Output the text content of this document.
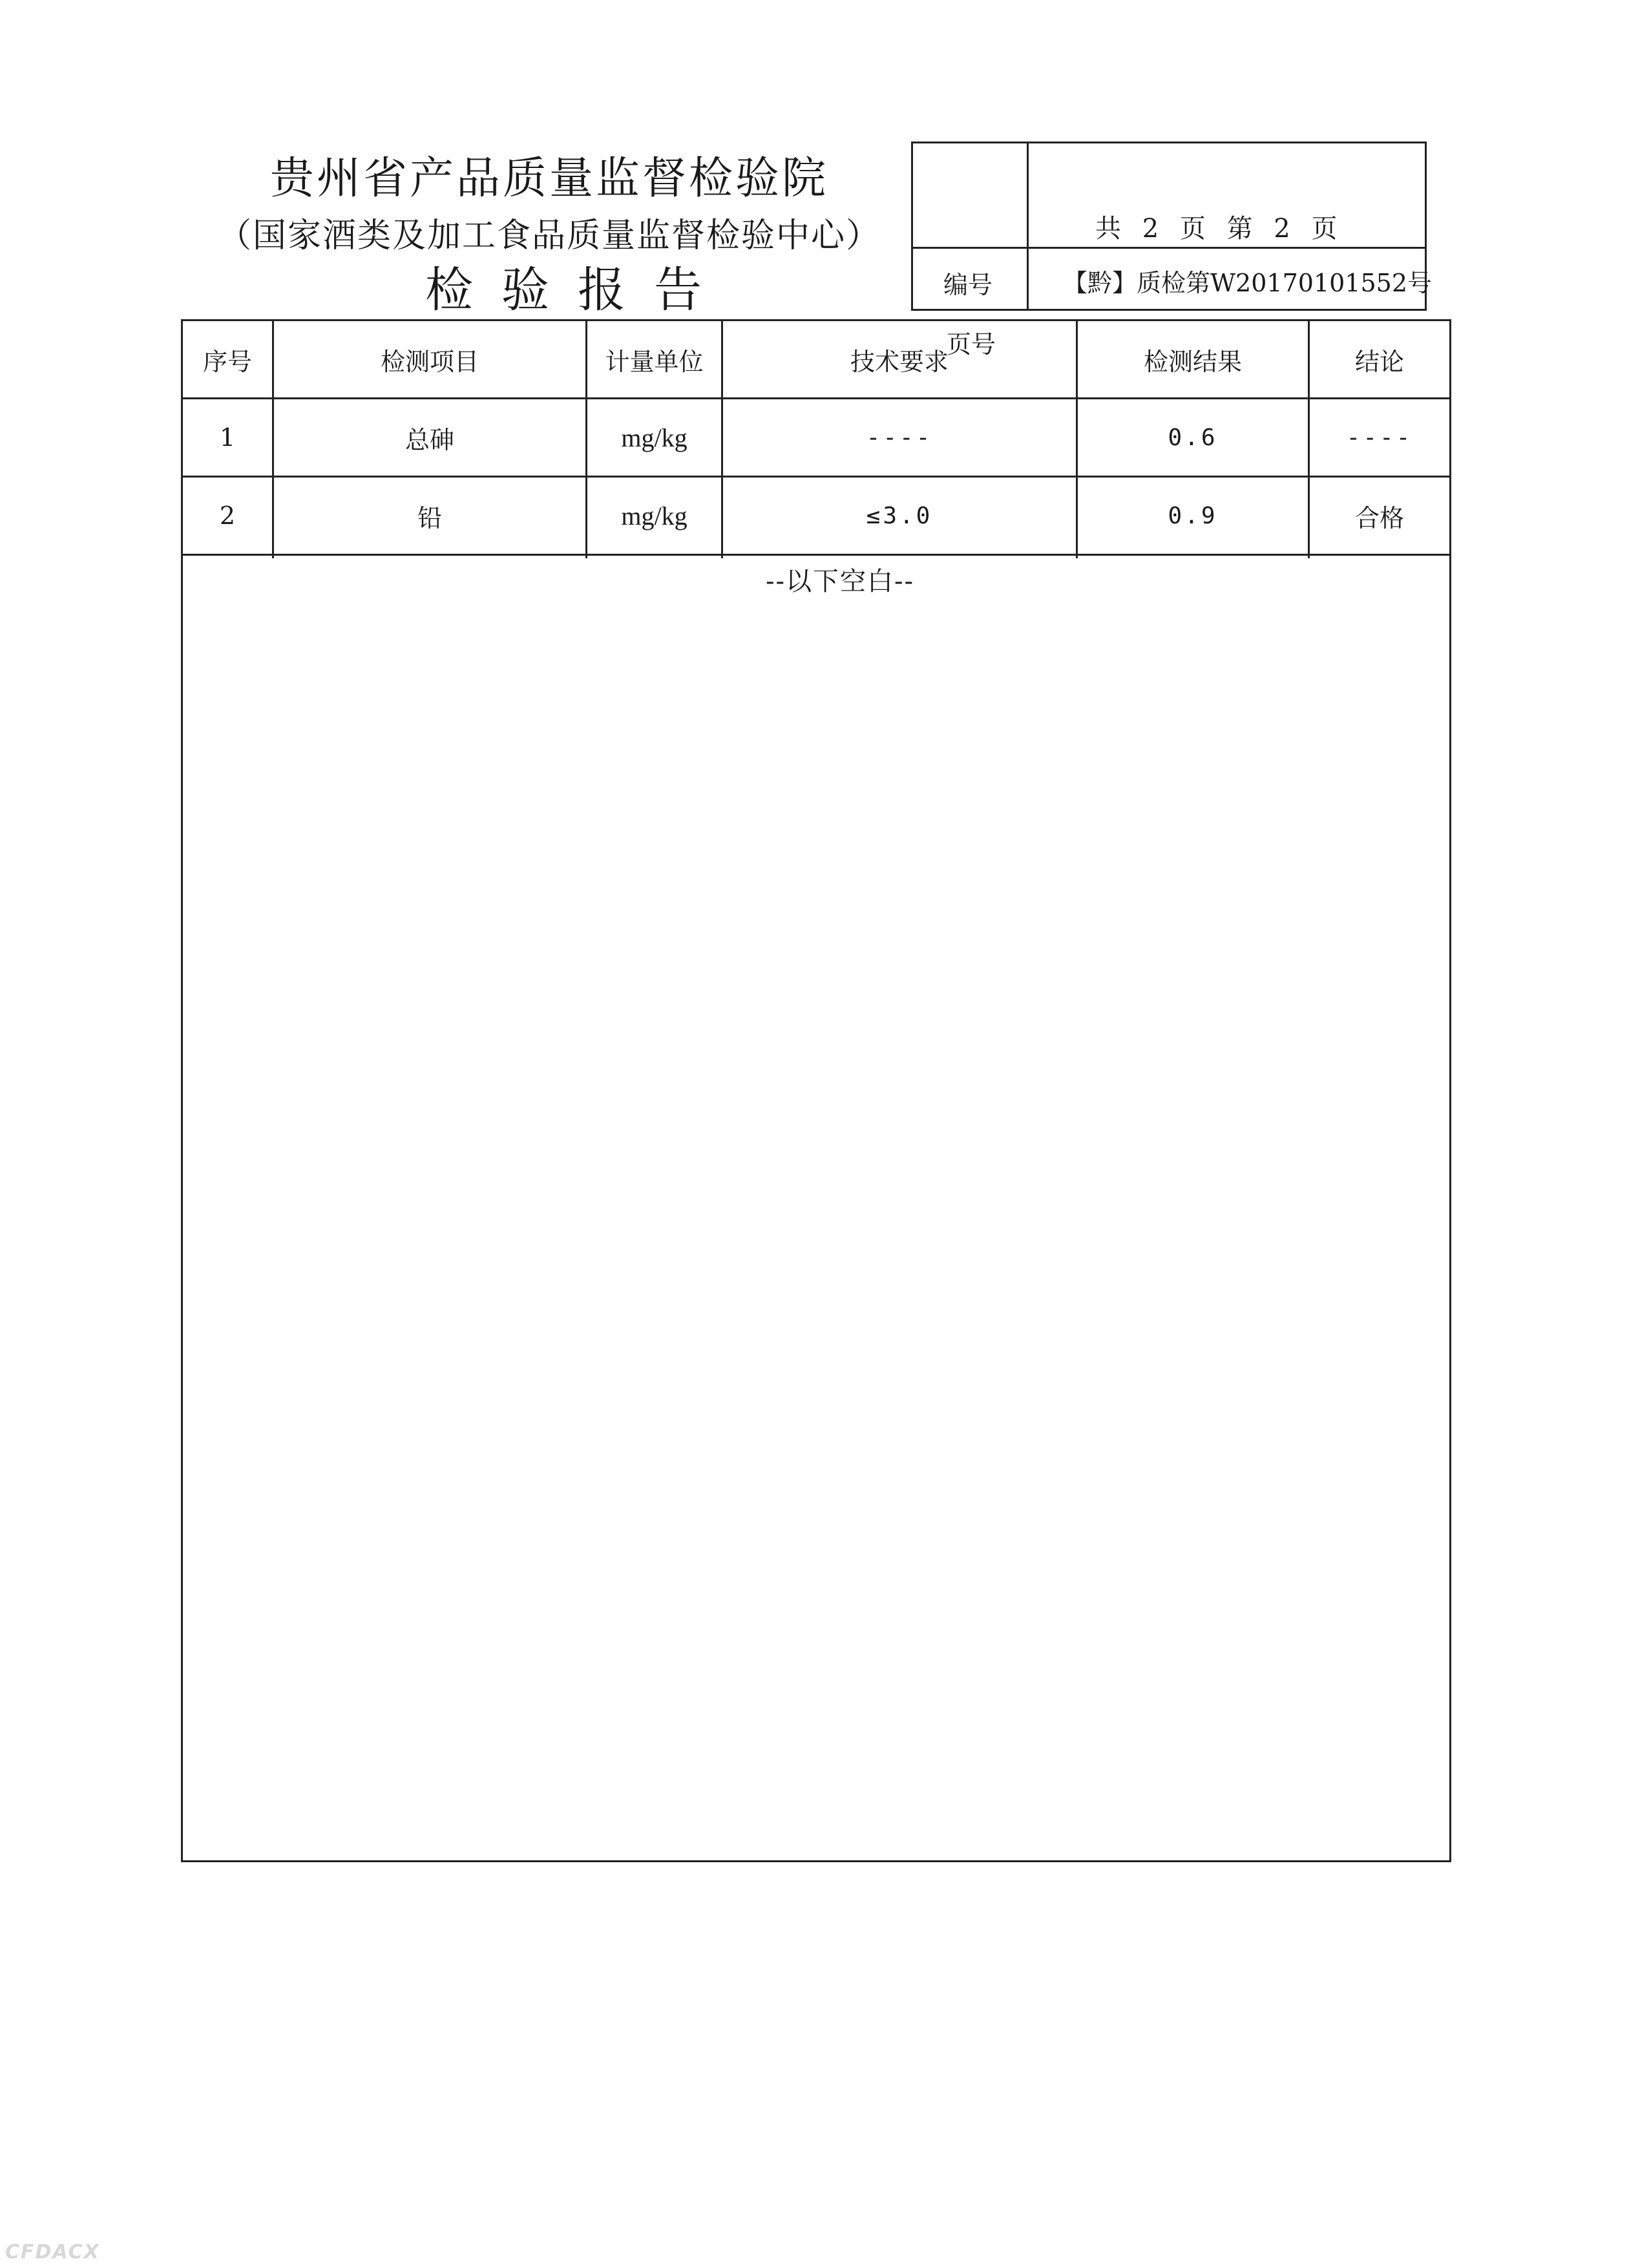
贵州省产品质量监督检验院
（国家酒类及加工食品质量监督检验中心）
检验报告
页号
共 2 页 第 2 页
编号	【黔】质检第W20170101552号
序号	检测项目	计量单位	技术要求	检测结果	结论
1	总砷	mg/kg	----	0.6	----
2	铅	mg/kg	≤3.0	0.9	合格
--以下空白--
CFDACX
